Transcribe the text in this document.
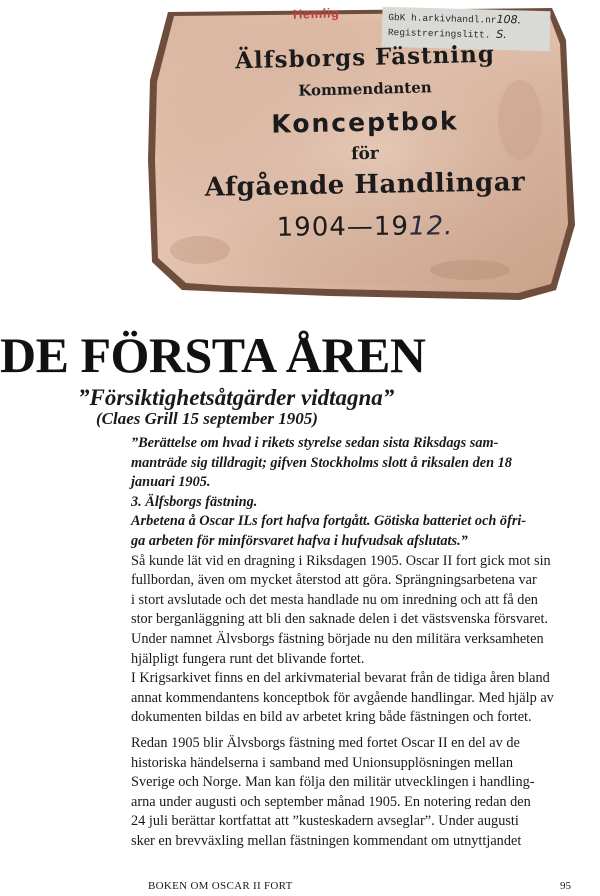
Hemlig	GbK h.arkivhandl.nr108.
Registreringslitt. S.
Älfsborgs Fästning
Kommendanten
Konceptbok
för
Afgående Handlingar
1904—1912.
DE FÖRSTA ÅREN
”Försiktighetsåtgärder vidtagna”
(Claes Grill 15 september 1905)
”Berättelse om hvad i rikets styrelse sedan sista Riksdags sam-
manträde sig tilldragit; gifven Stockholms slott å riksalen den 18
januari 1905.
3. Älfsborgs fästning.
Arbetena å Oscar ILs fort hafva fortgått. Götiska batteriet och öfri-
ga arbeten för minförsvaret hafva i hufvudsak afslutats.”
Så kunde lät vid en dragning i Riksdagen 1905. Oscar II fort gick mot sin
fullbordan, även om mycket återstod att göra. Sprängningsarbetena var
i stort avslutade och det mesta handlade nu om inredning och att få den
stor berganläggning att bli den saknade delen i det västsvenska försvaret.
Under namnet Älvsborgs fästning började nu den militära verksamheten
hjälpligt fungera runt det blivande fortet.
I Krigsarkivet finns en del arkivmaterial bevarat från de tidiga åren bland
annat kommendantens konceptbok för avgående handlingar. Med hjälp av
dokumenten bildas en bild av arbetet kring både fästningen och fortet.
Redan 1905 blir Älvsborgs fästning med fortet Oscar II en del av de
historiska händelserna i samband med Unionsupplösningen mellan
Sverige och Norge. Man kan följa den militär utvecklingen i handling-
arna under augusti och september månad 1905. En notering redan den
24 juli berättar kortfattat att ”kusteskadern avseglar”. Under augusti
sker en brevväxling mellan fästningen kommendant om utnyttjandet
BOKEN OM OSCAR II FORT	95
